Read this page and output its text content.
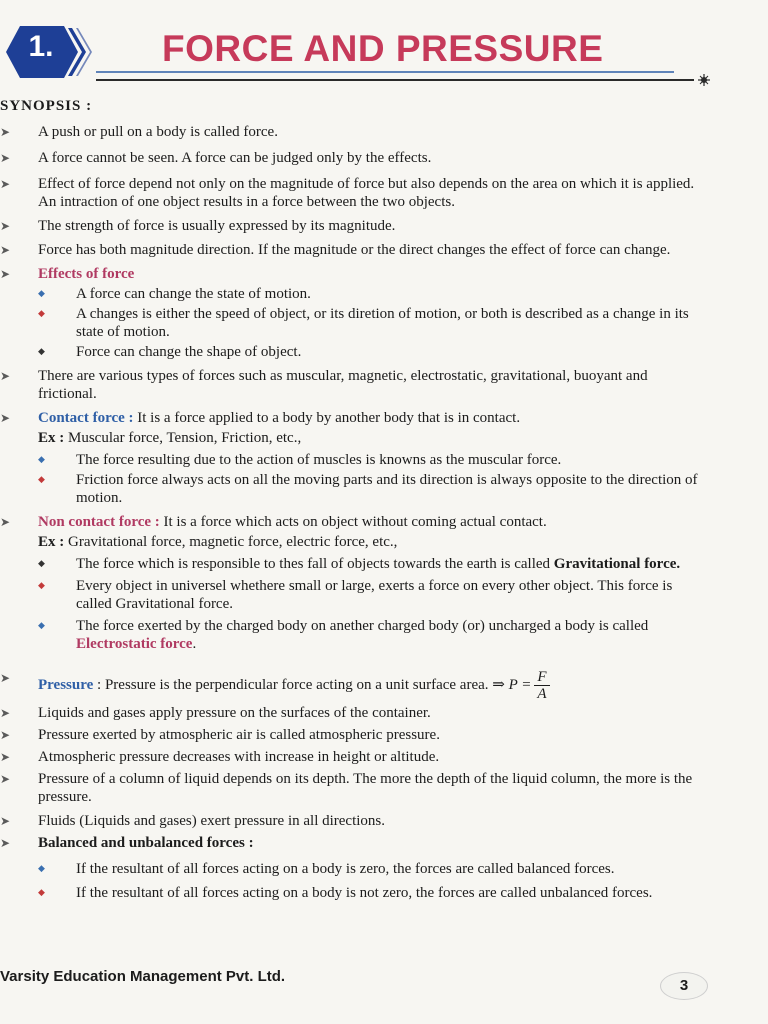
1.	FORCE AND PRESSURE
SYNOPSIS :
➤	A push or pull on a body is called force.
➤	A force cannot be seen. A force can be judged only by the effects.
➤	Effect of force depend not only on the magnitude of force but also depends on the area on which it is applied. An intraction of one object results in a force between the two objects.
➤	The strength of force is usually expressed by its magnitude.
➤	Force has both magnitude direction. If the magnitude or the direct changes the effect of force can change.
➤	Effects of force
◆	A force can change the state of motion.
◆	A changes is either the speed of object, or its diretion of motion, or both is described as a change in its state of motion.
◆	Force can change the shape of object.
➤	There are various types of forces such as muscular, magnetic, electrostatic, gravitational, buoyant and frictional.
➤	Contact force : It is a force applied to a body by another body that is in contact.
Ex : Muscular force, Tension, Friction, etc.,
◆	The force resulting due to the action of muscles is knowns as the muscular force.
◆	Friction force always acts on all the moving parts and its direction is always opposite to the direction of motion.
➤	Non contact force : It is a force which acts on object without coming actual contact.
Ex : Gravitational force, magnetic force, electric force, etc.,
◆	The force which is responsible to thes fall of objects towards the earth is called Gravitational force.
◆	Every object in universel whethere small or large, exerts a force on every other object. This force is called Gravitational force.
◆	The force exerted by the charged body on anether charged body (or) uncharged a body is called Electrostatic force.
➤	Pressure : Pressure is the perpendicular force acting on a unit surface area. ⇒ $P = \frac{F}{A}$
➤	Liquids and gases apply pressure on the surfaces of the container.
➤	Pressure exerted by atmospheric air is called atmospheric pressure.
➤	Atmospheric pressure decreases with increase in height or altitude.
➤	Pressure of a column of liquid depends on its depth. The more the depth of the liquid column, the more is the pressure.
➤	Fluids (Liquids and gases) exert pressure in all directions.
➤	Balanced and unbalanced forces :
◆	If the resultant of all forces acting on a body is zero, the forces are called balanced forces.
◆	If the resultant of all forces acting on a body is not zero, the forces are called unbalanced forces.
Varsity Education Management Pvt. Ltd.
3
